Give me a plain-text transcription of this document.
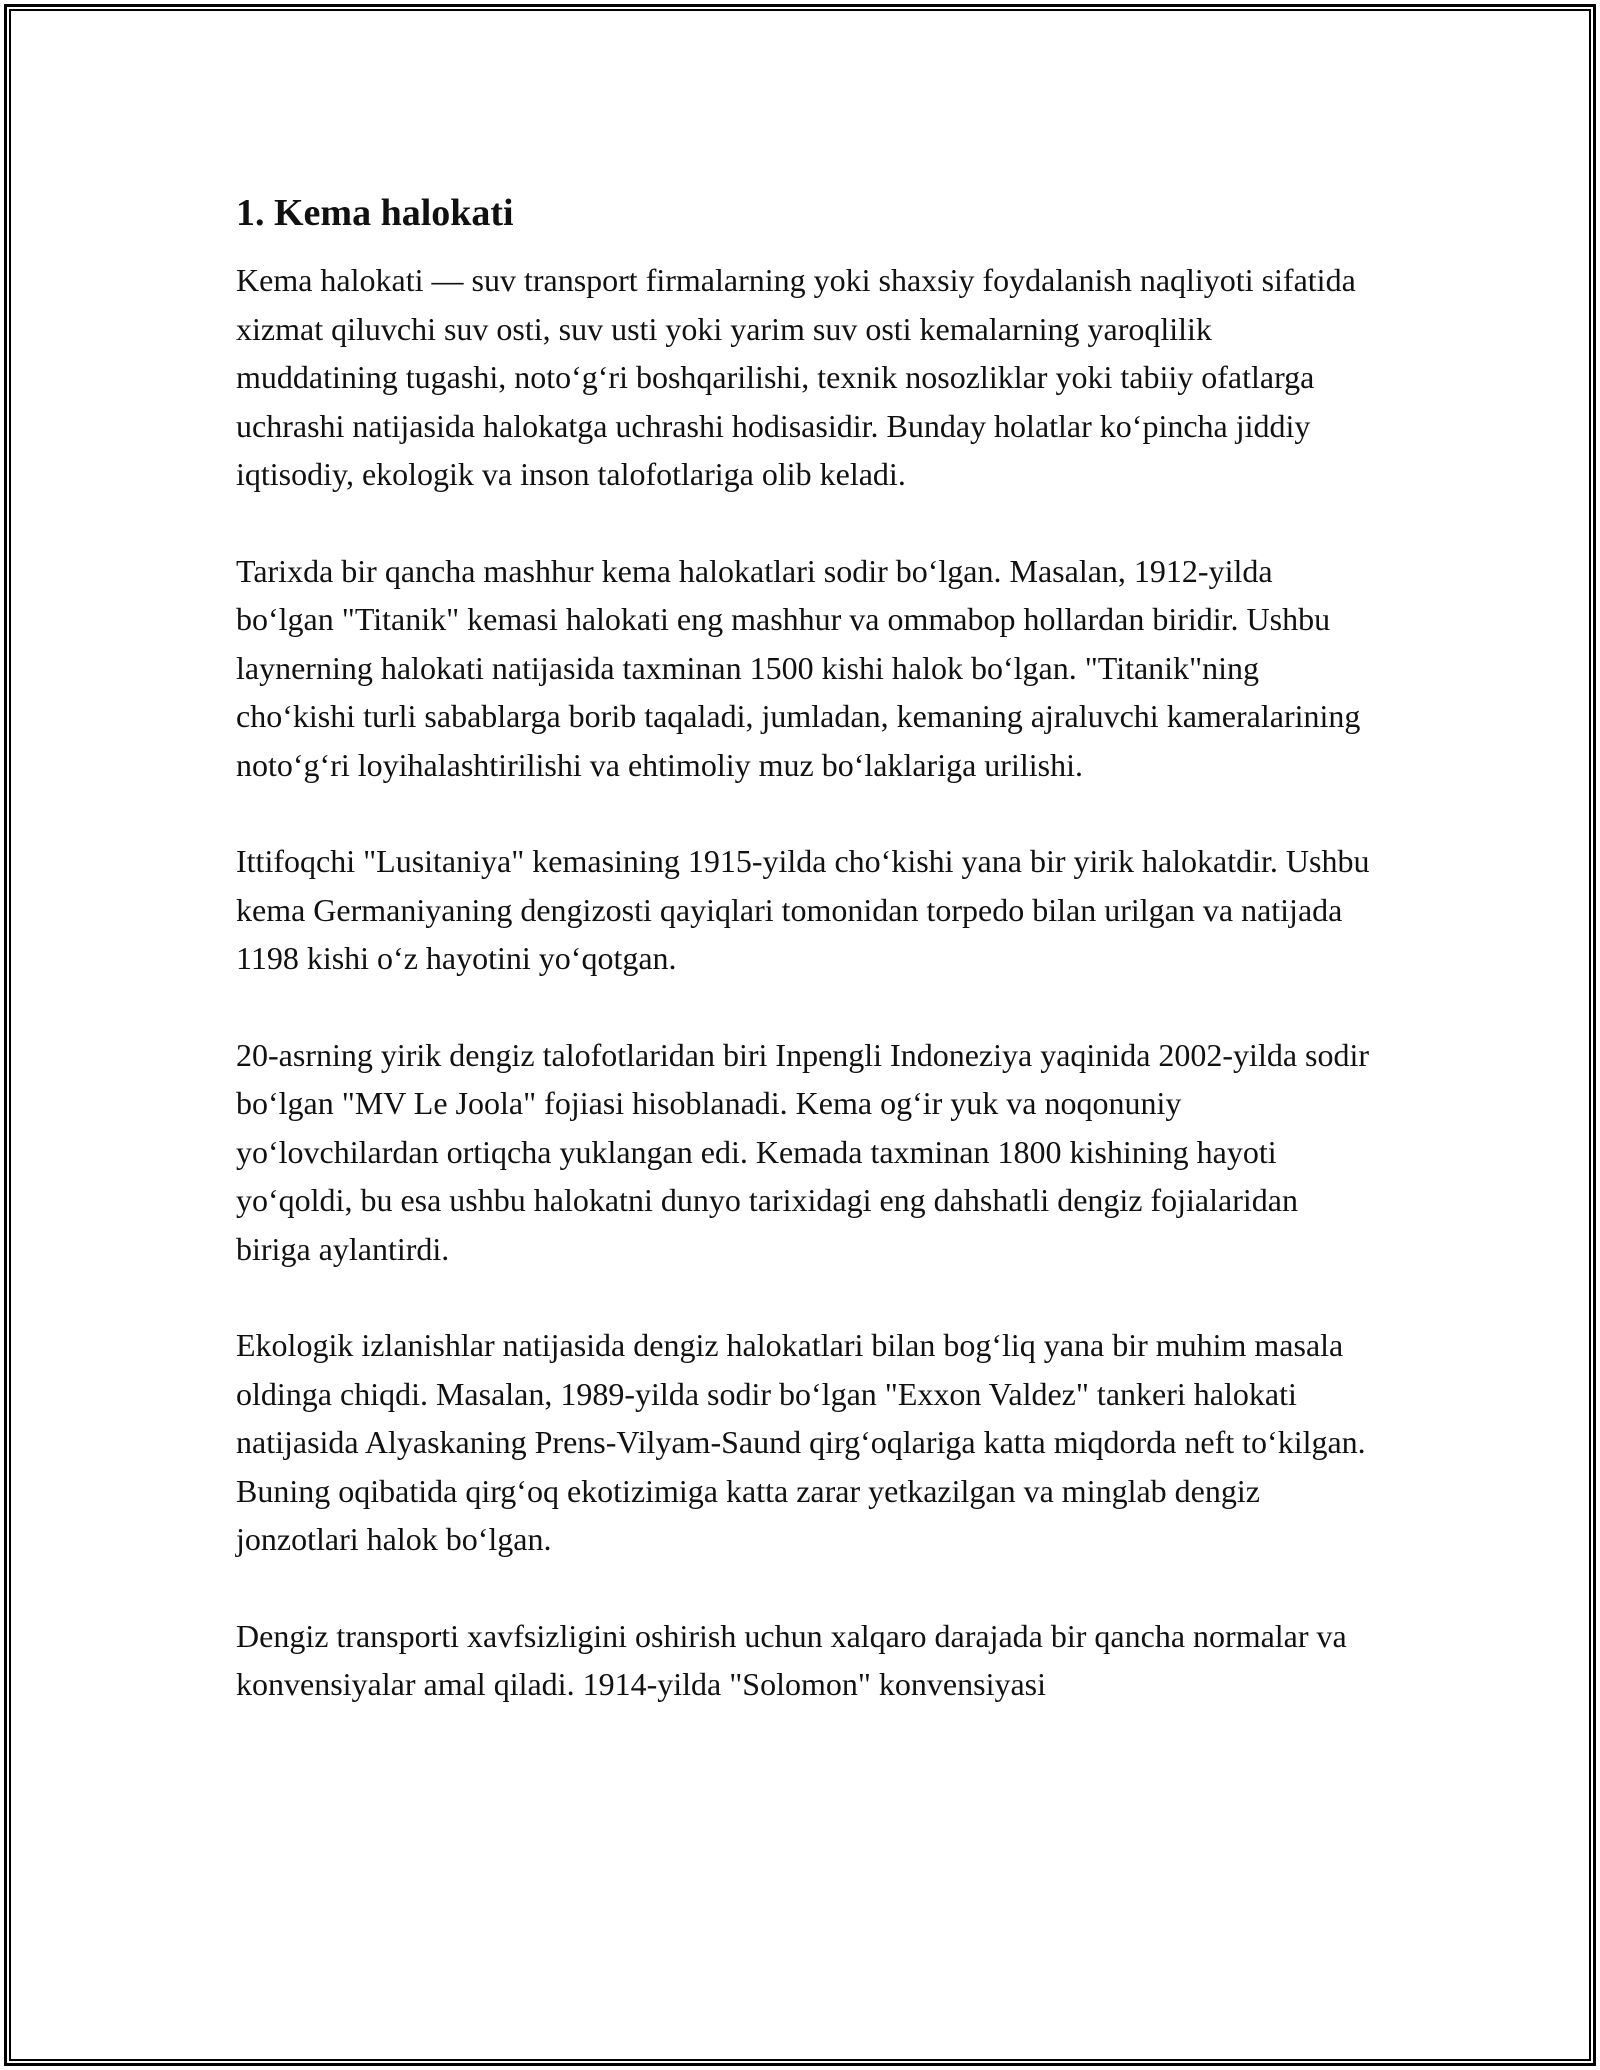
1. Kema halokati

Kema halokati — suv transport firmalarning yoki shaxsiy foydalanish naqliyoti sifatida xizmat qiluvchi suv osti, suv usti yoki yarim suv osti kemalarning yaroqlilik muddatining tugashi, noto‘g‘ri boshqarilishi, texnik nosozliklar yoki tabiiy ofatlarga uchrashi natijasida halokatga uchrashi hodisasidir. Bunday holatlar ko‘pincha jiddiy iqtisodiy, ekologik va inson talofotlariga olib keladi.

Tarixda bir qancha mashhur kema halokatlari sodir bo‘lgan. Masalan, 1912-yilda bo‘lgan "Titanik" kemasi halokati eng mashhur va ommabop hollardan biridir. Ushbu laynerning halokati natijasida taxminan 1500 kishi halok bo‘lgan. "Titanik"ning cho‘kishi turli sabablarga borib taqaladi, jumladan, kemaning ajraluvchi kameralarining noto‘g‘ri loyihalashtirilishi va ehtimoliy muz bo‘laklariga urilishi.

Ittifoqchi "Lusitaniya" kemasining 1915-yilda cho‘kishi yana bir yirik halokatdir. Ushbu kema Germaniyaning dengizosti qayiqlari tomonidan torpedo bilan urilgan va natijada 1198 kishi o‘z hayotini yo‘qotgan.

20-asrning yirik dengiz talofotlaridan biri Inpengli Indoneziya yaqinida 2002-yilda sodir bo‘lgan "MV Le Joola" fojiasi hisoblanadi. Kema og‘ir yuk va noqonuniy yo‘lovchilardan ortiqcha yuklangan edi. Kemada taxminan 1800 kishining hayoti yo‘qoldi, bu esa ushbu halokatni dunyo tarixidagi eng dahshatli dengiz fojialaridan biriga aylantirdi.

Ekologik izlanishlar natijasida dengiz halokatlari bilan bog‘liq yana bir muhim masala oldinga chiqdi. Masalan, 1989-yilda sodir bo‘lgan "Exxon Valdez" tankeri halokati natijasida Alyaskaning Prens-Vilyam-Saund qirg‘oqlariga katta miqdorda neft to‘kilgan. Buning oqibatida qirg‘oq ekotizimiga katta zarar yetkazilgan va minglab dengiz jonzotlari halok bo‘lgan.

Dengiz transporti xavfsizligini oshirish uchun xalqaro darajada bir qancha normalar va konvensiyalar amal qiladi. 1914-yilda "Solomon" konvensiyasi
